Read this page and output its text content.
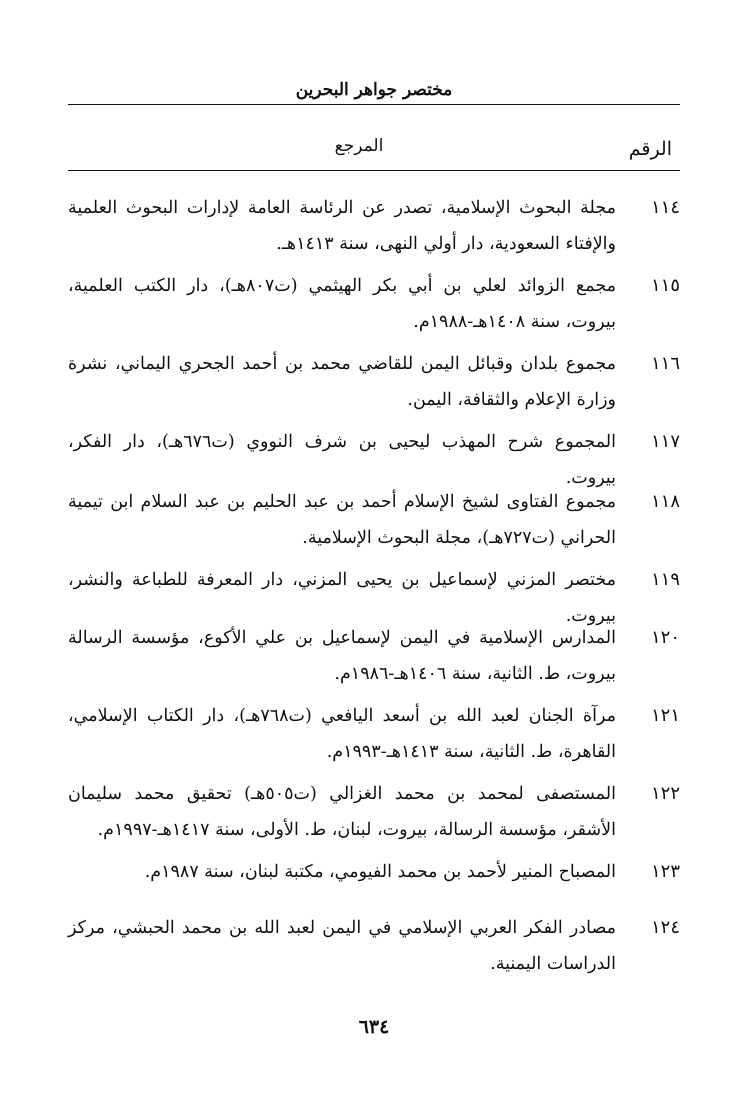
مختصر جواهر البحرين
الرقم
المرجع
١١٤
مجلة البحوث الإسلامية، تصدر عن الرئاسة العامة لإدارات البحوث العلمية والإفتاء السعودية، دار أولي النهى، سنة ١٤١٣هـ.
١١٥
مجمع الزوائد لعلي بن أبي بكر الهيثمي (ت٨٠٧هـ)، دار الكتب العلمية، بيروت، سنة ١٤٠٨هـ-١٩٨٨م.
١١٦
مجموع بلدان وقبائل اليمن للقاضي محمد بن أحمد الجحري اليماني، نشرة وزارة الإعلام والثقافة، اليمن.
١١٧
المجموع شرح المهذب ليحيى بن شرف النووي (ت٦٧٦هـ)، دار الفكر، بيروت.
١١٨
مجموع الفتاوى لشيخ الإسلام أحمد بن عبد الحليم بن عبد السلام ابن تيمية الحراني (ت٧٢٧هـ)، مجلة البحوث الإسلامية.
١١٩
مختصر المزني لإسماعيل بن يحيى المزني، دار المعرفة للطباعة والنشر، بيروت.
١٢٠
المدارس الإسلامية في اليمن لإسماعيل بن علي الأكوع، مؤسسة الرسالة بيروت، ط. الثانية، سنة ١٤٠٦هـ-١٩٨٦م.
١٢١
مرآة الجنان لعبد الله بن أسعد اليافعي (ت٧٦٨هـ)، دار الكتاب الإسلامي، القاهرة، ط. الثانية، سنة ١٤١٣هـ-١٩٩٣م.
١٢٢
المستصفى لمحمد بن محمد الغزالي (ت٥٠٥هـ) تحقيق محمد سليمان الأشقر، مؤسسة الرسالة، بيروت، لبنان، ط. الأولى، سنة ١٤١٧هـ-١٩٩٧م.
١٢٣
المصباح المنير لأحمد بن محمد الفيومي، مكتبة لبنان، سنة ١٩٨٧م.
١٢٤
مصادر الفكر العربي الإسلامي في اليمن لعبد الله بن محمد الحبشي، مركز الدراسات اليمنية.
٦٣٤
